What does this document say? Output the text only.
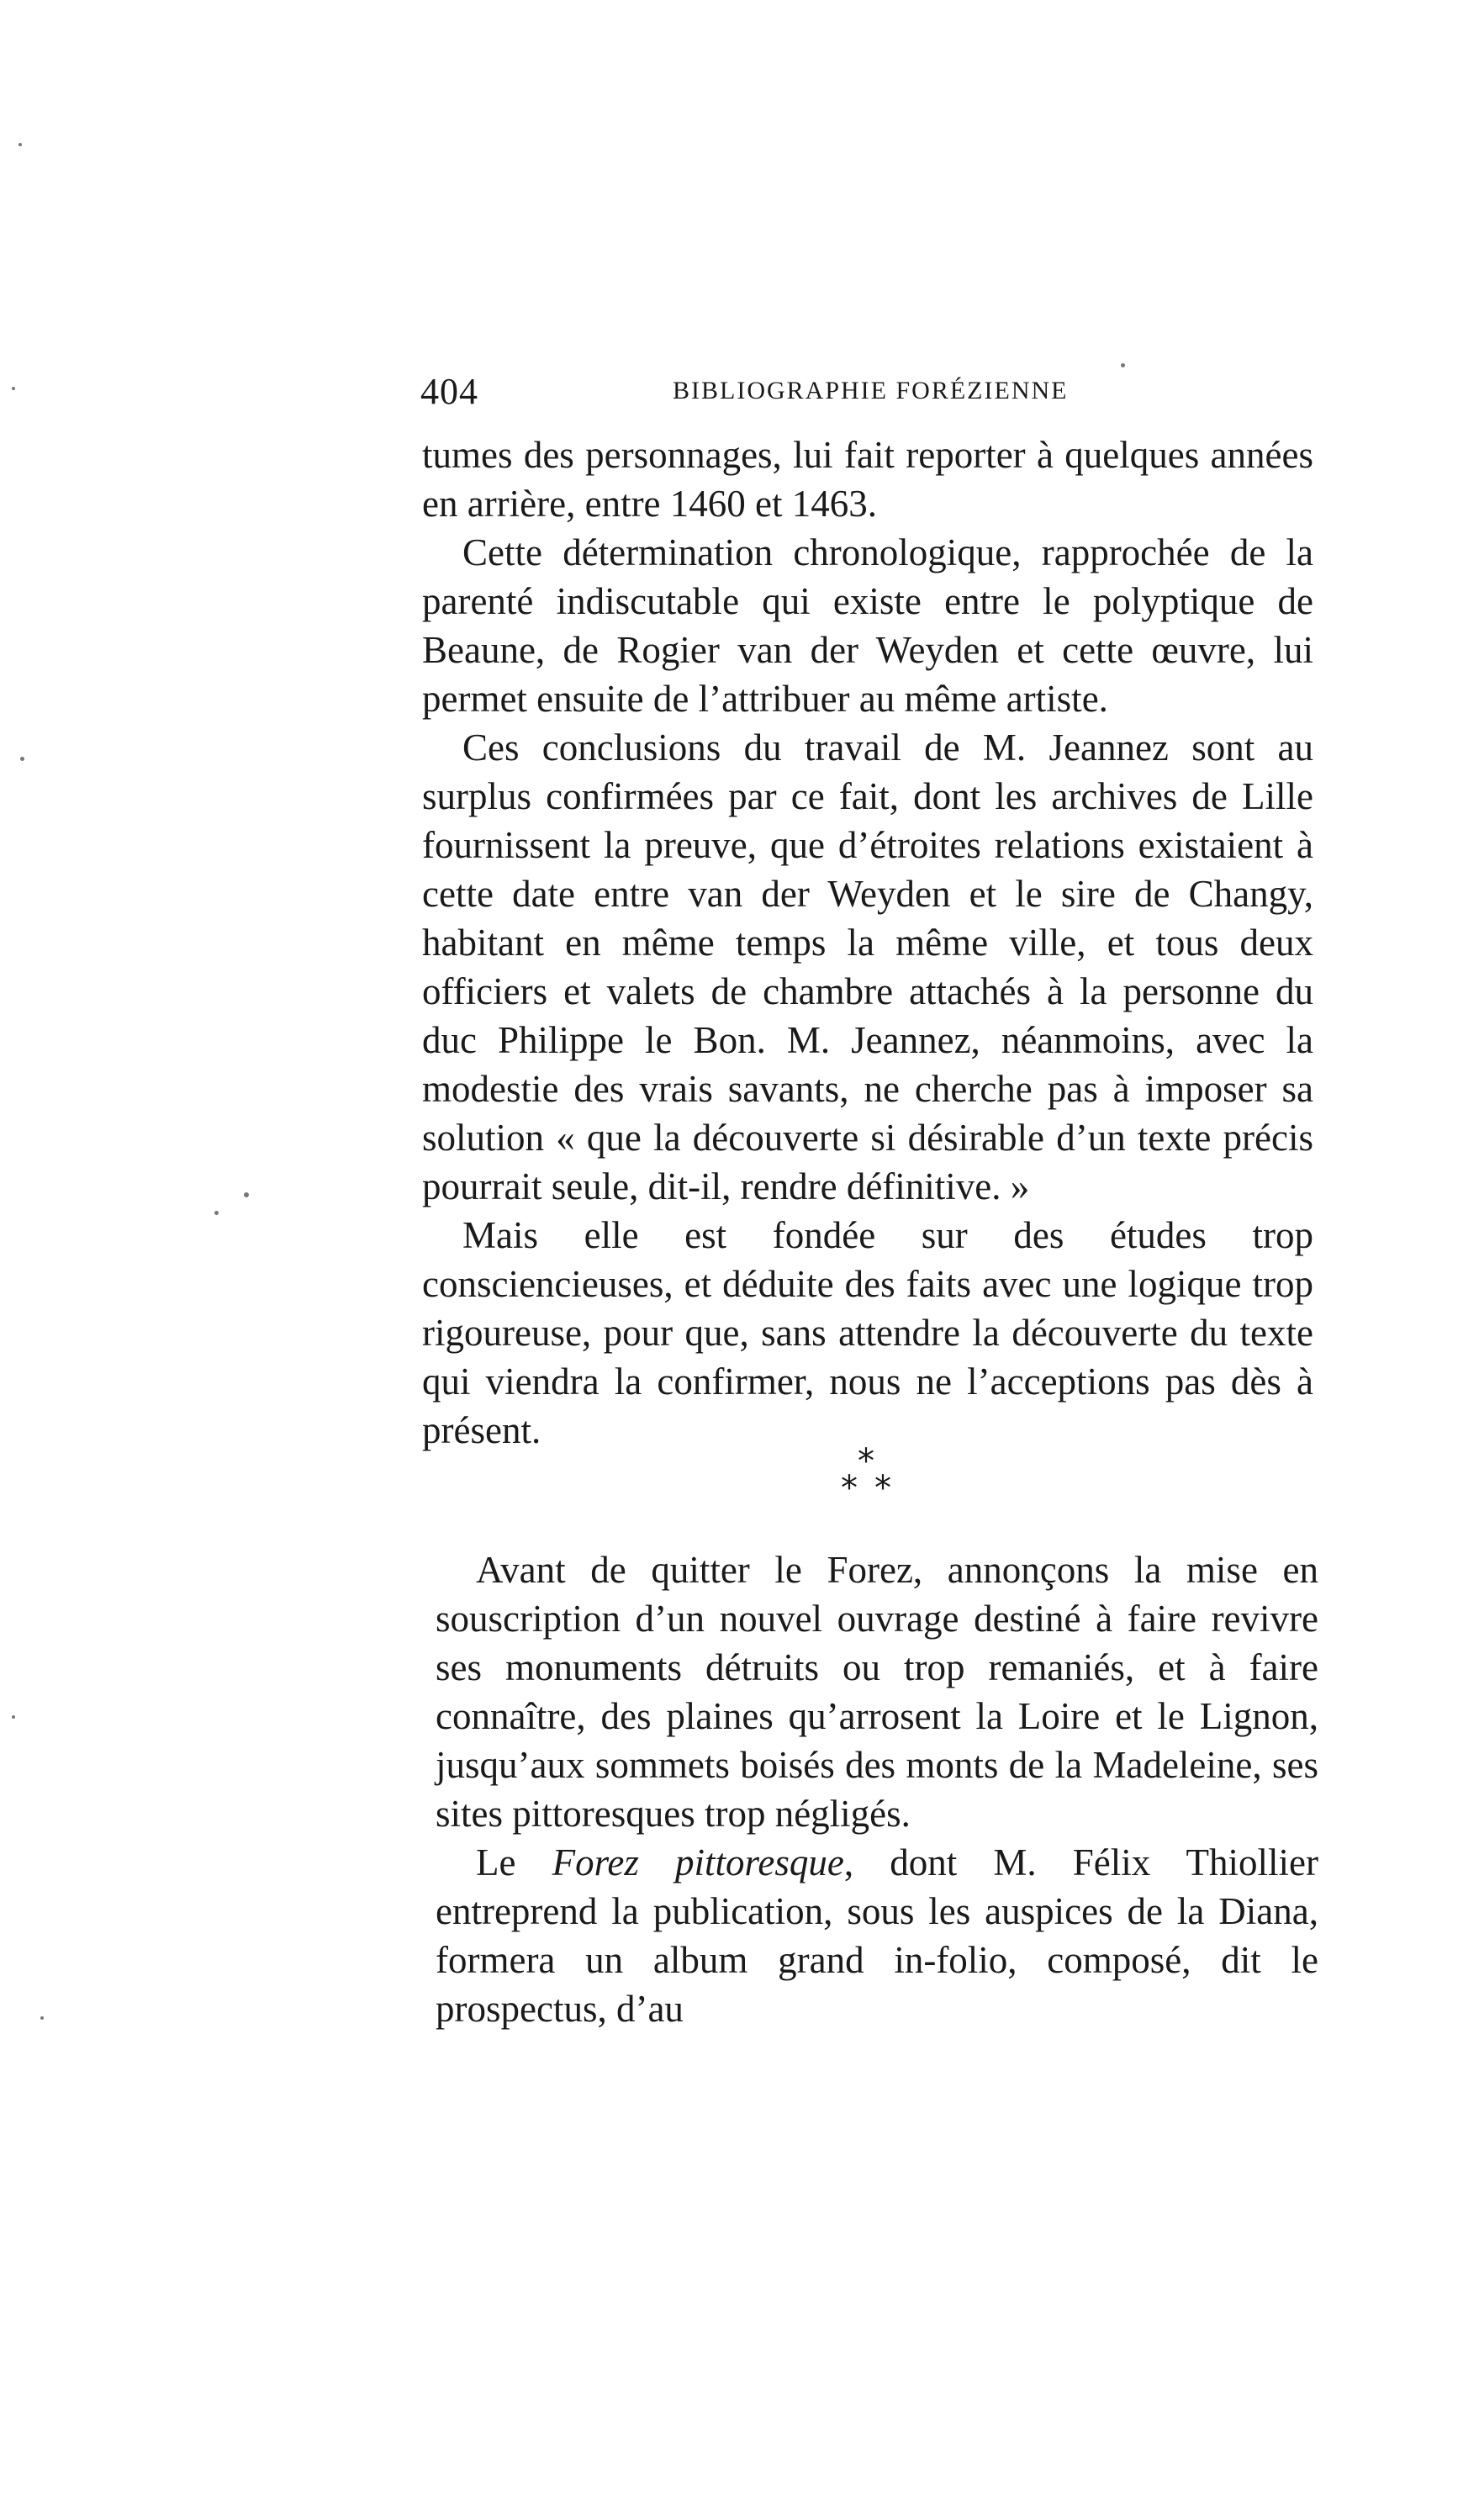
404	BIBLIOGRAPHIE FORÉZIENNE

tumes des personnages, lui fait reporter à quelques années en arrière, entre 1460 et 1463.

Cette détermination chronologique, rapprochée de la parenté indiscutable qui existe entre le polyptique de Beaune, de Rogier van der Weyden et cette œuvre, lui permet ensuite de l’attribuer au même artiste.

Ces conclusions du travail de M. Jeannez sont au surplus confirmées par ce fait, dont les archives de Lille fournissent la preuve, que d’étroites relations existaient à cette date entre van der Weyden et le sire de Changy, habitant en même temps la même ville, et tous deux officiers et valets de chambre attachés à la personne du duc Philippe le Bon. M. Jeannez, néanmoins, avec la modestie des vrais savants, ne cherche pas à imposer sa solution « que la découverte si désirable d’un texte précis pourrait seule, dit-il, rendre définitive. »

Mais elle est fondée sur des études trop consciencieuses, et déduite des faits avec une logique trop rigoureuse, pour que, sans attendre la découverte du texte qui viendra la confirmer, nous ne l’acceptions pas dès à présent.

*
* *

Avant de quitter le Forez, annonçons la mise en souscription d’un nouvel ouvrage destiné à faire revivre ses monuments détruits ou trop remaniés, et à faire connaître, des plaines qu’arrosent la Loire et le Lignon, jusqu’aux sommets boisés des monts de la Madeleine, ses sites pittoresques trop négligés.

Le Forez pittoresque, dont M. Félix Thiollier entreprend la publication, sous les auspices de la Diana, formera un album grand in-folio, composé, dit le prospectus, d’au
